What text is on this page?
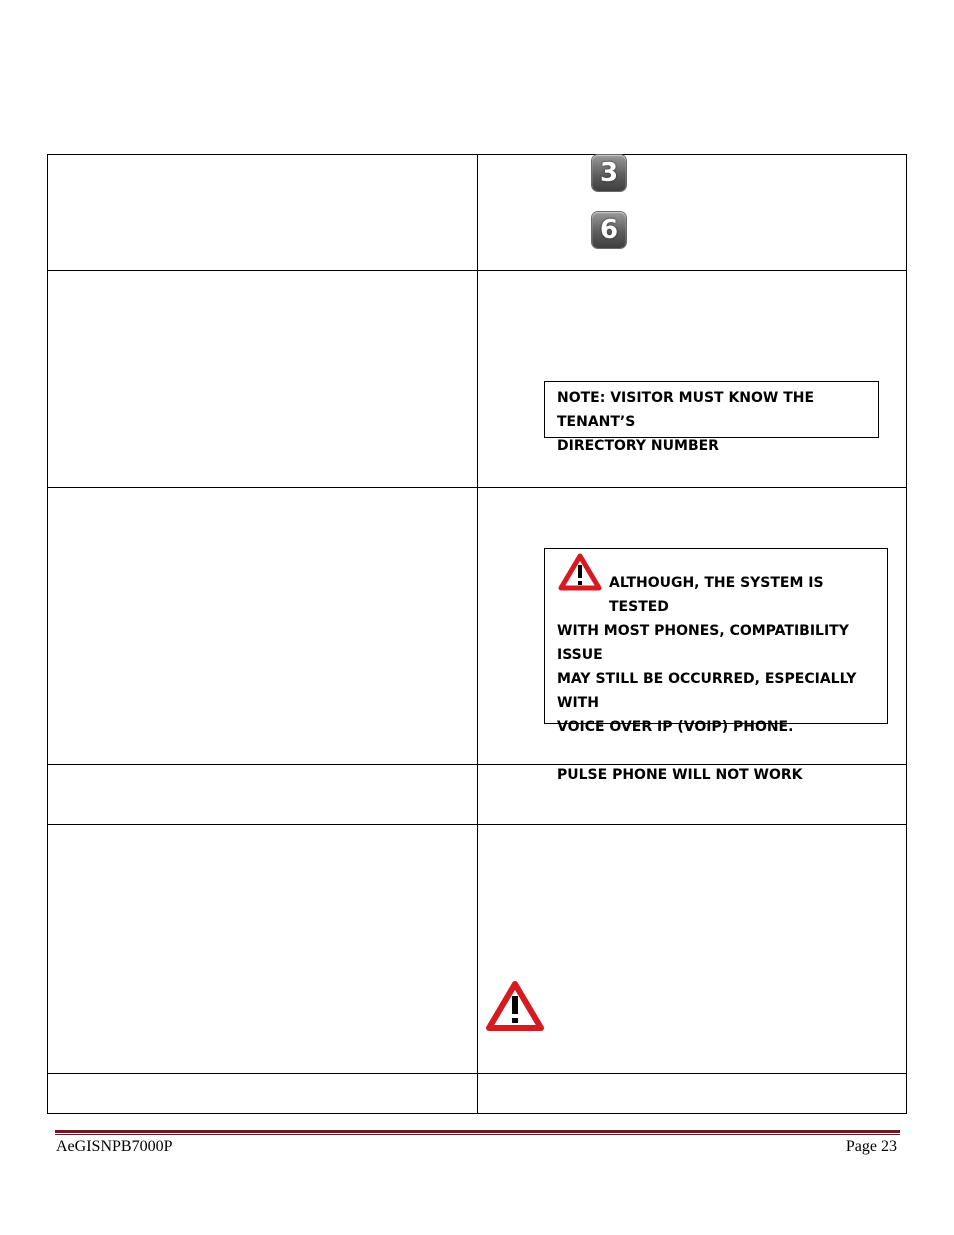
3
6

NOTE: VISITOR MUST KNOW THE TENANT’S

DIRECTORY NUMBER

ALTHOUGH, THE SYSTEM IS TESTED

WITH MOST PHONES, COMPATIBILITY ISSUE

MAY STILL BE OCCURRED, ESPECIALLY WITH

VOICE OVER IP (VOIP) PHONE.

PULSE PHONE WILL NOT WORK

AeGISNPB7000P	Page 23
